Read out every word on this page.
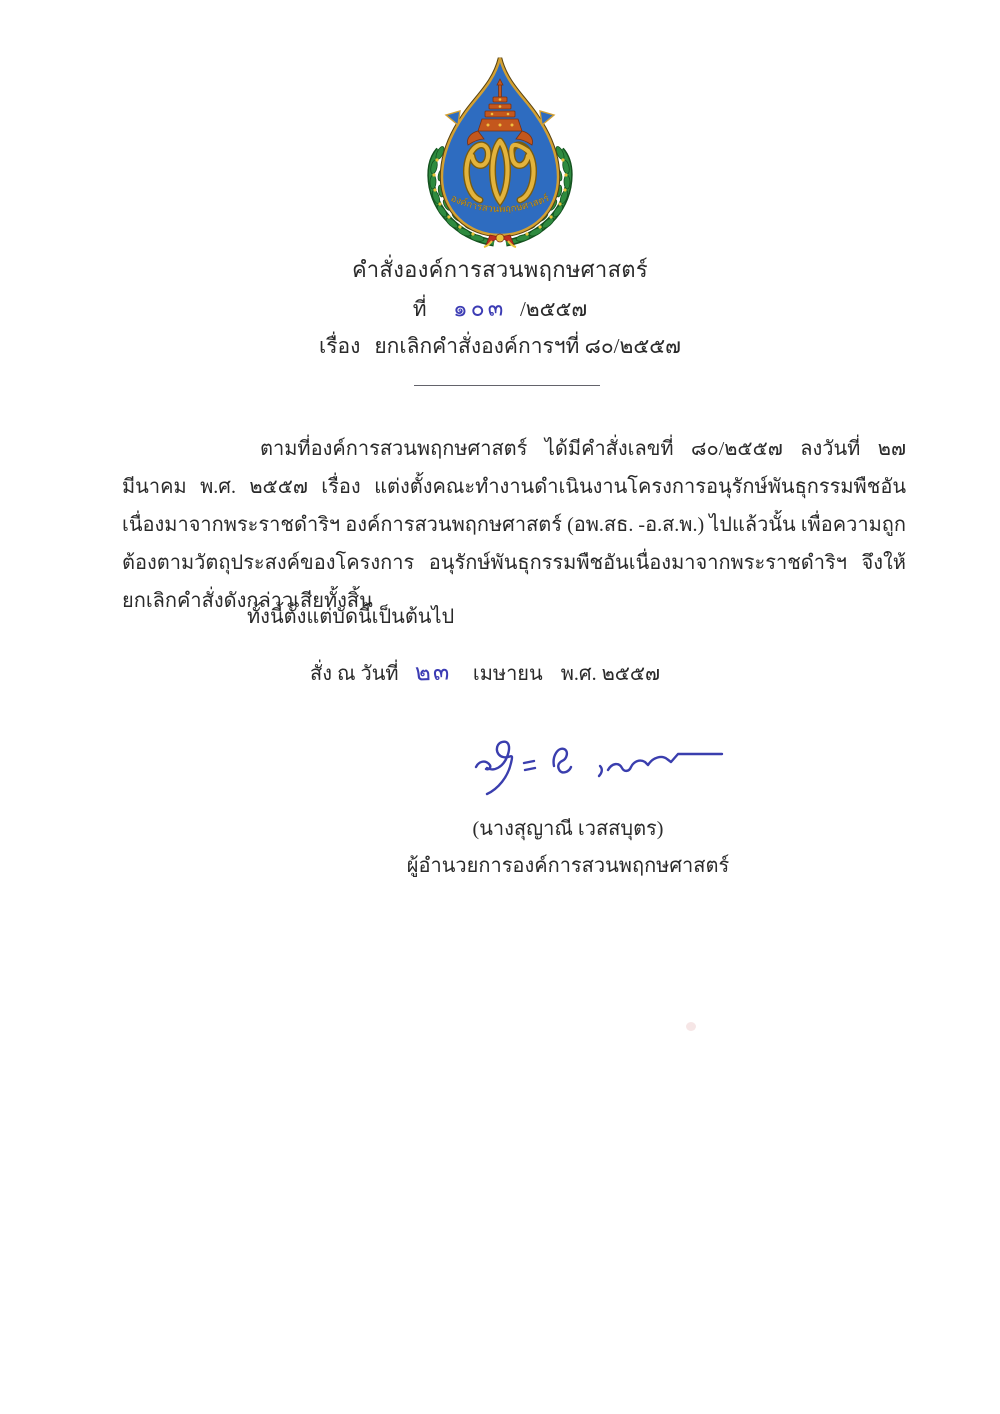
องค์การสวนพฤกษศาสตร์
คำสั่งองค์การสวนพฤกษศาสตร์
ที่ ๑๐๓ /๒๕๕๗
เรื่อง ยกเลิกคำสั่งองค์การฯที่ ๘๐/๒๕๕๗
ตามที่องค์การสวนพฤกษศาสตร์ ได้มีคำสั่งเลขที่ ๘๐/๒๕๕๗ ลงวันที่ ๒๗ มีนาคม พ.ศ. ๒๕๕๗ เรื่อง แต่งตั้งคณะทำงานดำเนินงานโครงการอนุรักษ์พันธุกรรมพืชอันเนื่องมาจากพระราชดำริฯ องค์การสวนพฤกษศาสตร์ (อพ.สธ. -อ.ส.พ.) ไปแล้วนั้น เพื่อความถูกต้องตามวัตถุประสงค์ของโครงการ อนุรักษ์พันธุกรรมพืชอันเนื่องมาจากพระราชดำริฯ จึงให้ยกเลิกคำสั่งดังกล่าวเสียทั้งสิ้น
ทั้งนี้ตั้งแต่บัดนี้เป็นต้นไป
สั่ง ณ วันที่ ๒๓ เมษายน พ.ศ. ๒๕๕๗
(นางสุญาณี เวสสบุตร)
ผู้อำนวยการองค์การสวนพฤกษศาสตร์
